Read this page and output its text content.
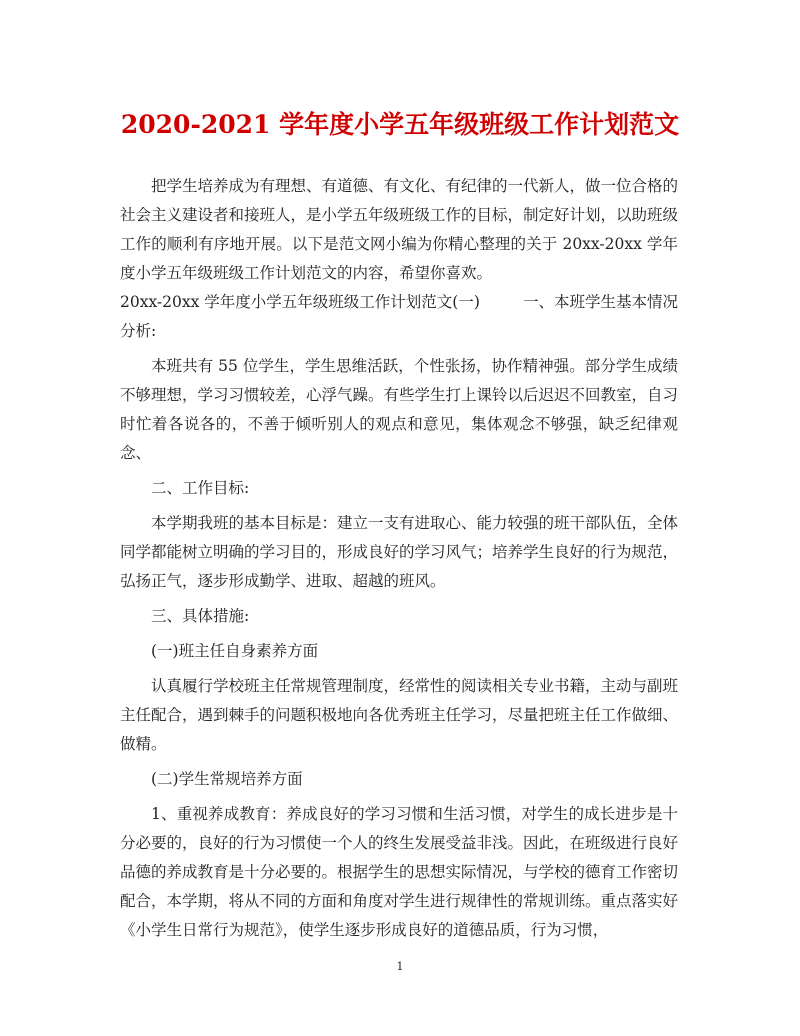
2020-2021 学年度小学五年级班级工作计划范文

把学生培养成为有理想、有道德、有文化、有纪律的一代新人，做一位合格的社会主义建设者和接班人，是小学五年级班级工作的目标，制定好计划，以助班级工作的顺利有序地开展。以下是范文网小编为你精心整理的关于 20xx-20xx 学年度小学五年级班级工作计划范文的内容，希望你喜欢。

20xx-20xx 学年度小学五年级班级工作计划范文(一)	一、本班学生基本情况

分析:

本班共有 55 位学生，学生思维活跃，个性张扬，协作精神强。部分学生成绩不够理想，学习习惯较差，心浮气躁。有些学生打上课铃以后迟迟不回教室，自习时忙着各说各的，不善于倾听别人的观点和意见，集体观念不够强，缺乏纪律观念、

二、工作目标:

本学期我班的基本目标是：建立一支有进取心、能力较强的班干部队伍，全体同学都能树立明确的学习目的，形成良好的学习风气；培养学生良好的行为规范，弘扬正气，逐步形成勤学、进取、超越的班风。

三、具体措施:

(一)班主任自身素养方面

认真履行学校班主任常规管理制度，经常性的阅读相关专业书籍，主动与副班主任配合，遇到棘手的问题积极地向各优秀班主任学习，尽量把班主任工作做细、做精。

(二)学生常规培养方面

1、重视养成教育：养成良好的学习习惯和生活习惯，对学生的成长进步是十分必要的，良好的行为习惯使一个人的终生发展受益非浅。因此，在班级进行良好品德的养成教育是十分必要的。根据学生的思想实际情况，与学校的德育工作密切配合，本学期，将从不同的方面和角度对学生进行规律性的常规训练。重点落实好《小学生日常行为规范》，使学生逐步形成良好的道德品质，行为习惯，

1
